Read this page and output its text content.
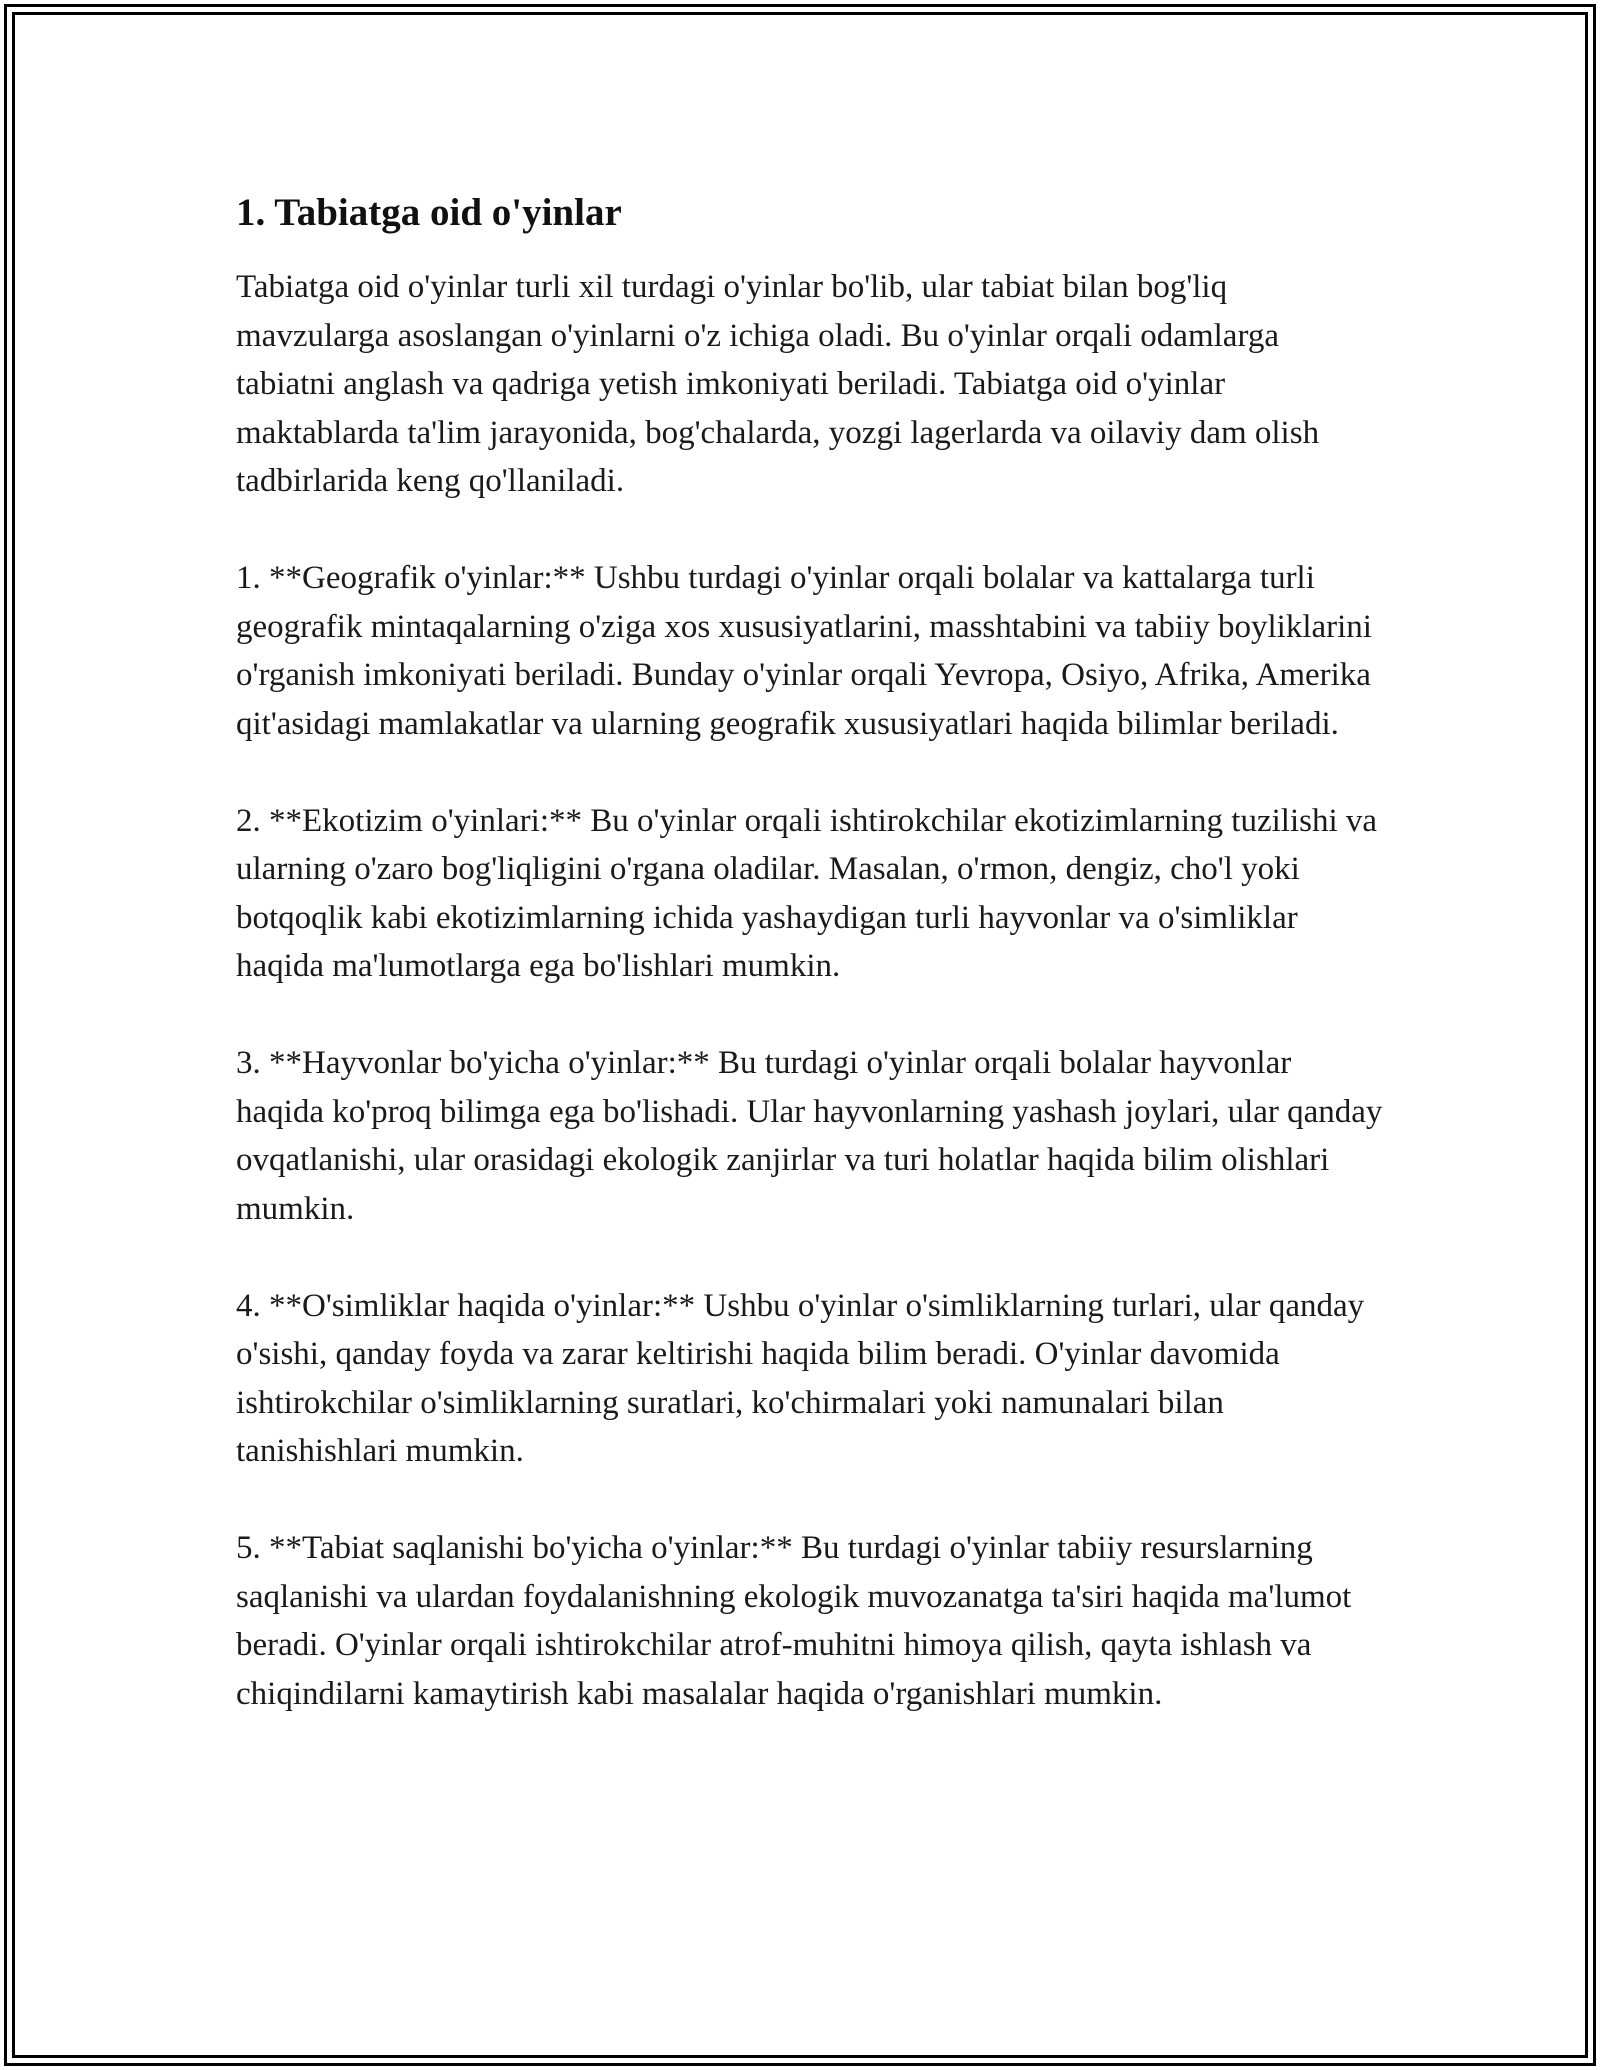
1. Tabiatga oid o'yinlar

Tabiatga oid o'yinlar turli xil turdagi o'yinlar bo'lib, ular tabiat bilan bog'liq mavzularga asoslangan o'yinlarni o'z ichiga oladi. Bu o'yinlar orqali odamlarga tabiatni anglash va qadriga yetish imkoniyati beriladi. Tabiatga oid o'yinlar maktablarda ta'lim jarayonida, bog'chalarda, yozgi lagerlarda va oilaviy dam olish tadbirlarida keng qo'llaniladi.

1. **Geografik o'yinlar:** Ushbu turdagi o'yinlar orqali bolalar va kattalarga turli geografik mintaqalarning o'ziga xos xususiyatlarini, masshtabini va tabiiy boyliklarini o'rganish imkoniyati beriladi. Bunday o'yinlar orqali Yevropa, Osiyo, Afrika, Amerika qit'asidagi mamlakatlar va ularning geografik xususiyatlari haqida bilimlar beriladi.

2. **Ekotizim o'yinlari:** Bu o'yinlar orqali ishtirokchilar ekotizimlarning tuzilishi va ularning o'zaro bog'liqligini o'rgana oladilar. Masalan, o'rmon, dengiz, cho'l yoki botqoqlik kabi ekotizimlarning ichida yashaydigan turli hayvonlar va o'simliklar haqida ma'lumotlarga ega bo'lishlari mumkin.

3. **Hayvonlar bo'yicha o'yinlar:** Bu turdagi o'yinlar orqali bolalar hayvonlar haqida ko'proq bilimga ega bo'lishadi. Ular hayvonlarning yashash joylari, ular qanday ovqatlanishi, ular orasidagi ekologik zanjirlar va turi holatlar haqida bilim olishlari mumkin.

4. **O'simliklar haqida o'yinlar:** Ushbu o'yinlar o'simliklarning turlari, ular qanday o'sishi, qanday foyda va zarar keltirishi haqida bilim beradi. O'yinlar davomida ishtirokchilar o'simliklarning suratlari, ko'chirmalari yoki namunalari bilan tanishishlari mumkin.

5. **Tabiat saqlanishi bo'yicha o'yinlar:** Bu turdagi o'yinlar tabiiy resurslarning saqlanishi va ulardan foydalanishning ekologik muvozanatga ta'siri haqida ma'lumot beradi. O'yinlar orqali ishtirokchilar atrof-muhitni himoya qilish, qayta ishlash va chiqindilarni kamaytirish kabi masalalar haqida o'rganishlari mumkin.
